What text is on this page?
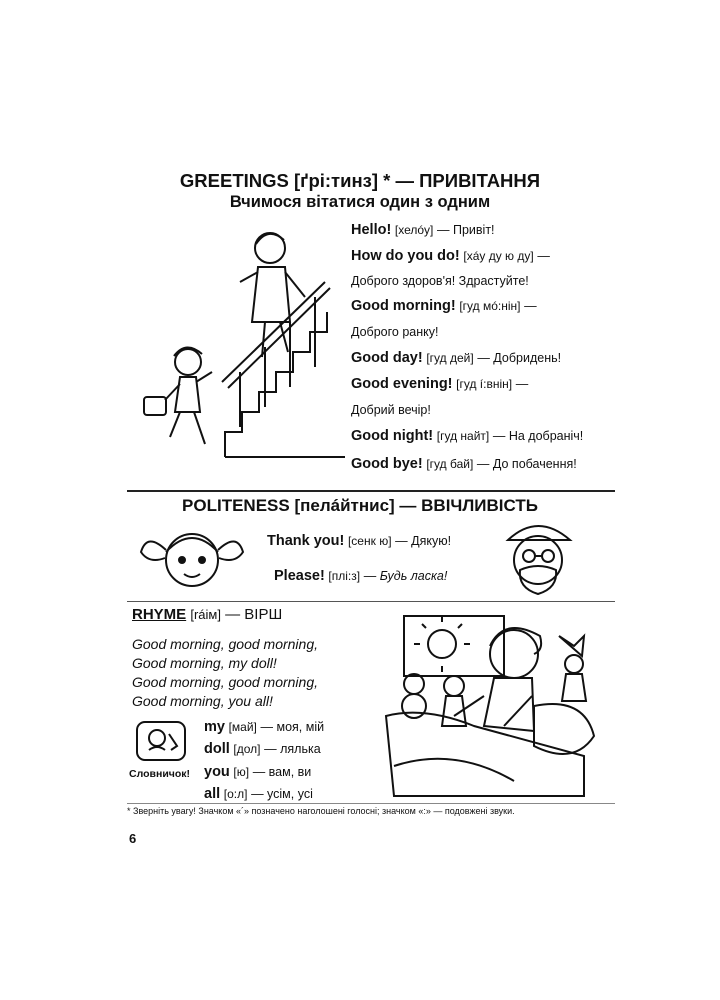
GREETINGS [ґрі:тинз] * — ПРИВІТАННЯ
Вчимося вітатися один з одним
Hello! [хелóу] — Привіт!
How do you do! [хáу ду ю ду] —
Доброго здоров'я! Здрастуйте!
Good morning! [гуд мó:нін] —
Доброго ранку!
Good day! [гуд дей] — Добридень!
Good evening! [гуд í:внін] —
Добрий вечір!
Good night! [гуд найт] — На добраніч!
Good bye! [гуд бай] — До побачення!
POLITENESS [пелáйтнис] — ВВІЧЛИВІСТЬ
Thank you! [сенк ю] — Дякую!
Please! [плі:з] — Будь ласка!
RHYME [ráім] — ВІРШ
Good morning, good morning,
Good morning, my doll!
Good morning, good morning,
Good morning, you all!
Словничок!
my [май] — моя, мій
doll [дол] — лялька
you [ю] — вам, ви
all [о:л] — усім, усі
* Зверніть увагу! Значком «´» позначено наголошені голосні; значком «:» — подовжені звуки.
6
